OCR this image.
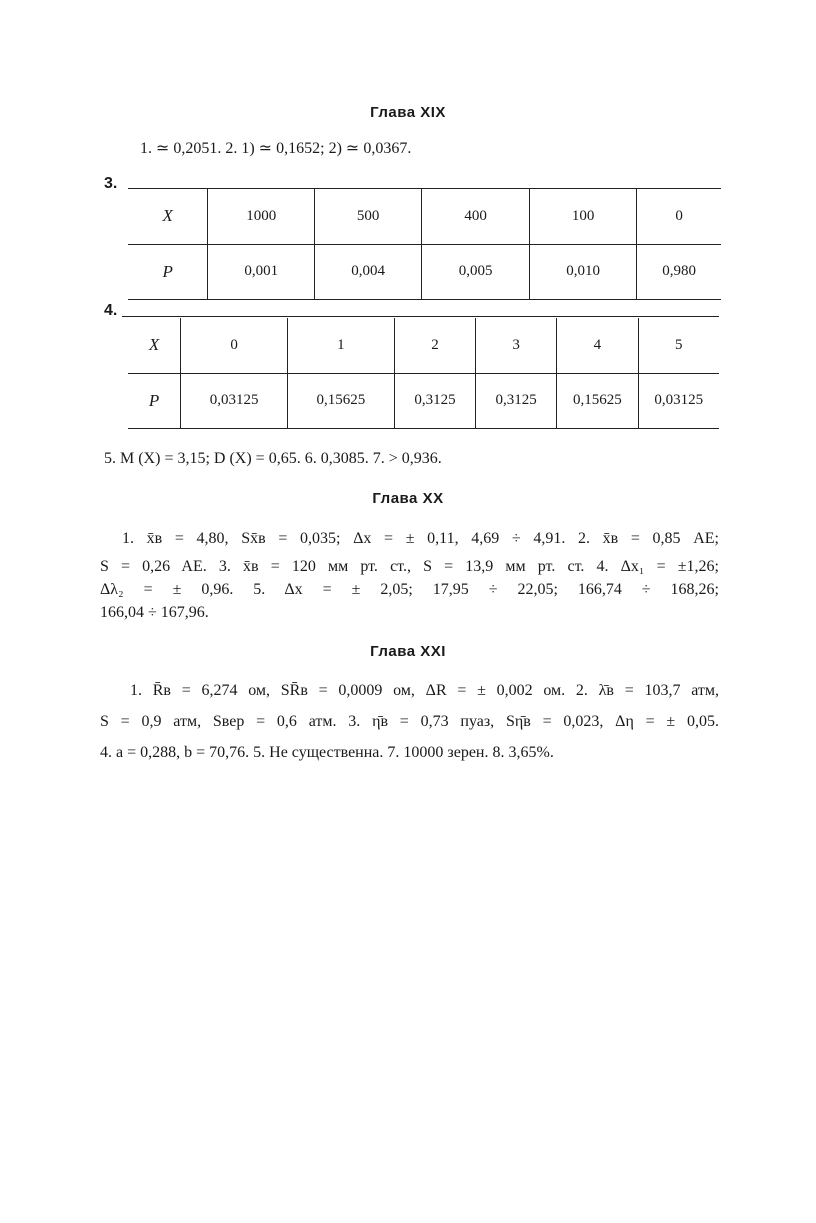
Глава XIX
1. ≃ 0,2051. 2. 1) ≃ 0,1652; 2) ≃ 0,0367.
3.
X	1000	500	400	100	0
P	0,001	0,004	0,005	0,010	0,980
4.
X	0	1	2	3	4	5
P	0,03125	0,15625	0,3125	0,3125	0,15625	0,03125
5. M (X) = 3,15; D (X) = 0,65. 6. 0,3085. 7. > 0,936.
Глава XX
1. x̄в = 4,80, Sx̄в = 0,035; Δx = ± 0,11, 4,69 ÷ 4,91. 2. x̄в = 0,85 AE;
S = 0,26 AE. 3. x̄в = 120 мм рт. ст., S = 13,9 мм рт. ст. 4. Δx₁ = ±1,26;
Δλ₂ = ± 0,96. 5. Δx = ± 2,05; 17,95 ÷ 22,05; 166,74 ÷ 168,26;
166,04 ÷ 167,96.
Глава XXI
1. R̄в = 6,274 ом, SR̄в = 0,0009 ом, ΔR = ± 0,002 ом. 2. λ̄в = 103,7 атм,
S = 0,9 атм, Sвер = 0,6 атм. 3. η̄в = 0,73 пуаз, Sη̄в = 0,023, Δη = ± 0,05.
4. a = 0,288, b = 70,76. 5. Не существенна. 7. 10000 зерен. 8. 3,65%.
